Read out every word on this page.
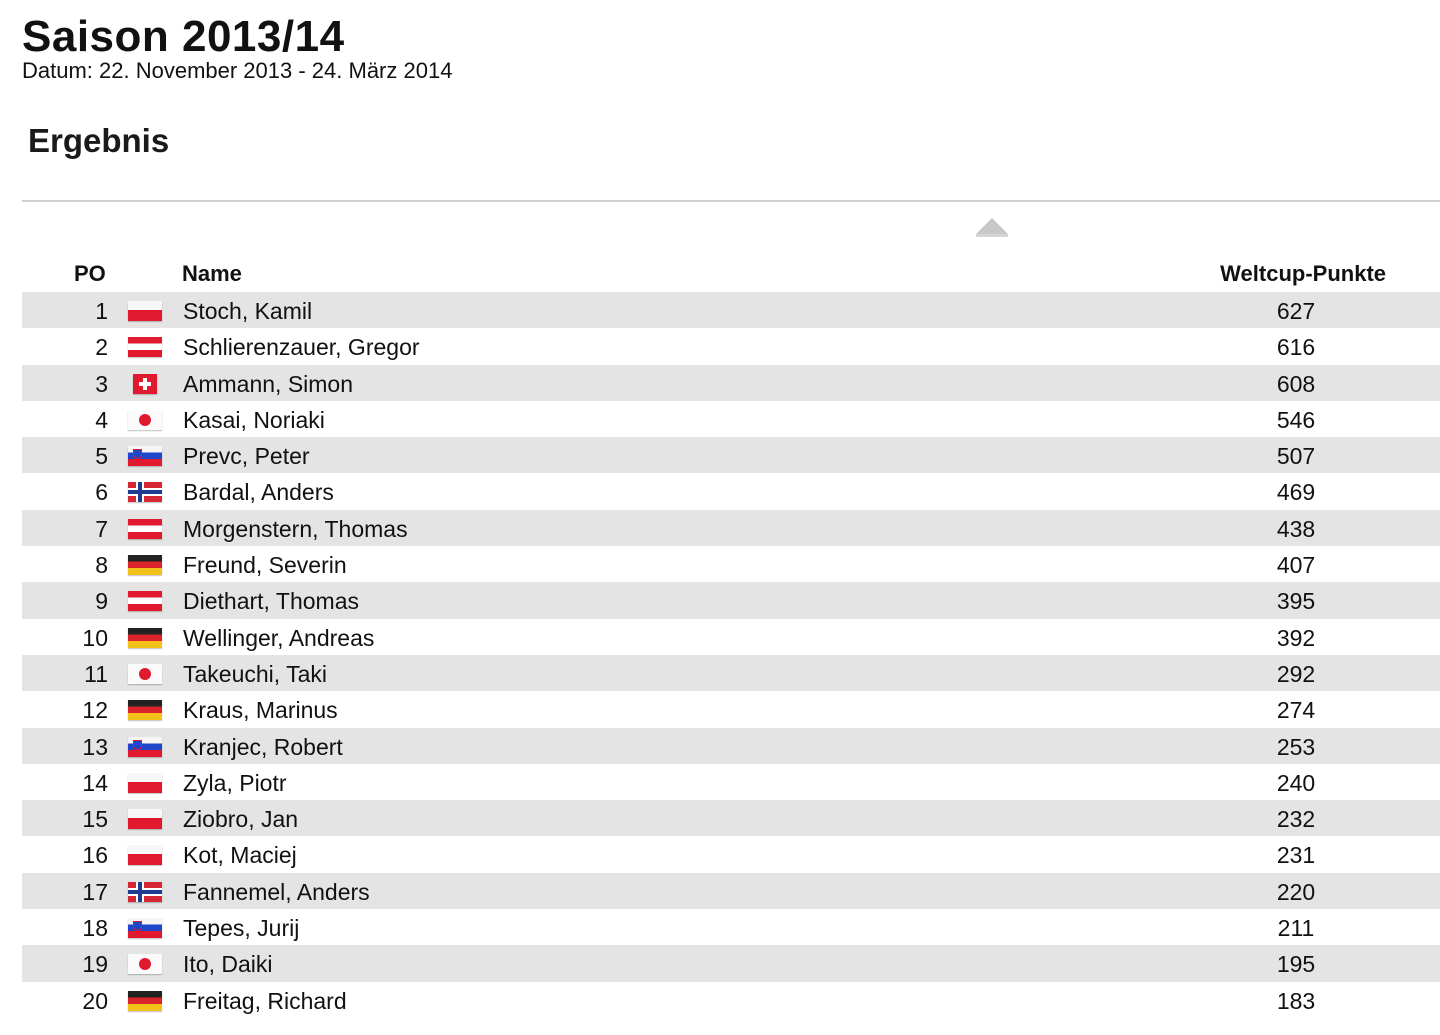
Saison 2013/14
Datum: 22. November 2013 - 24. März 2014
Ergebnis
PO	Name	Weltcup-Punkte
1	Stoch, Kamil	627
2	Schlierenzauer, Gregor	616
3	Ammann, Simon	608
4	Kasai, Noriaki	546
5	Prevc, Peter	507
6	Bardal, Anders	469
7	Morgenstern, Thomas	438
8	Freund, Severin	407
9	Diethart, Thomas	395
10	Wellinger, Andreas	392
11	Takeuchi, Taki	292
12	Kraus, Marinus	274
13	Kranjec, Robert	253
14	Zyla, Piotr	240
15	Ziobro, Jan	232
16	Kot, Maciej	231
17	Fannemel, Anders	220
18	Tepes, Jurij	211
19	Ito, Daiki	195
20	Freitag, Richard	183
